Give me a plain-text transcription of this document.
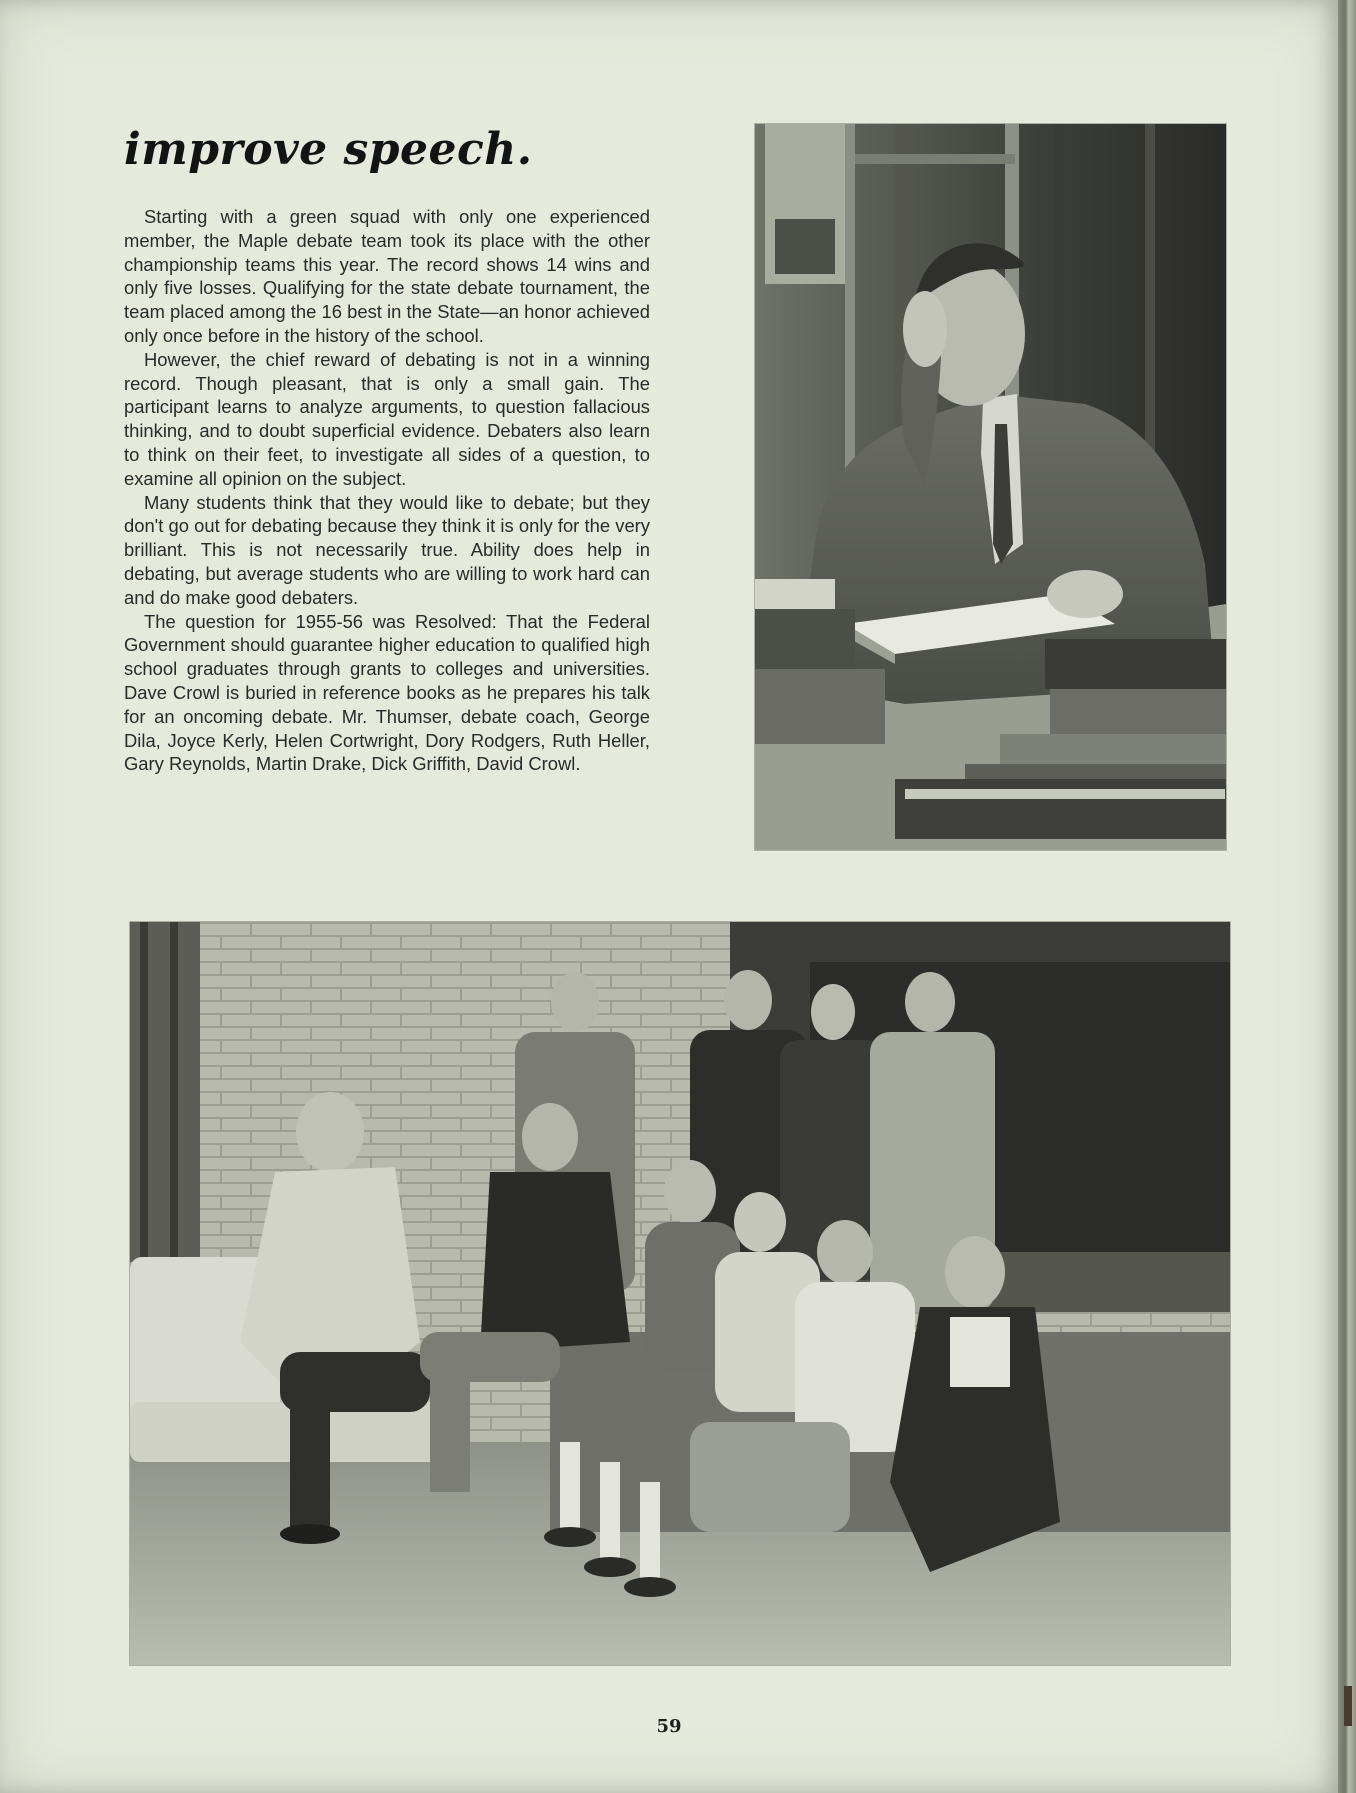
improve speech.

Starting with a green squad with only one experienced member, the Maple debate team took its place with the other championship teams this year. The record shows 14 wins and only five losses. Qualifying for the state debate tournament, the team placed among the 16 best in the State—an honor achieved only once before in the history of the school.

However, the chief reward of debating is not in a winning record. Though pleasant, that is only a small gain. The participant learns to analyze arguments, to question fallacious thinking, and to doubt superficial evidence. Debaters also learn to think on their feet, to investigate all sides of a question, to examine all opinion on the subject.

Many students think that they would like to debate; but they don't go out for debating because they think it is only for the very brilliant. This is not necessarily true. Ability does help in debating, but average students who are willing to work hard can and do make good debaters.

The question for 1955-56 was Resolved: That the Federal Government should guarantee higher education to qualified high school graduates through grants to colleges and universities. Dave Crowl is buried in reference books as he prepares his talk for an oncoming debate. Mr. Thumser, debate coach, George Dila, Joyce Kerly, Helen Cortwright, Dory Rodgers, Ruth Heller, Gary Reynolds, Martin Drake, Dick Griffith, David Crowl.

59
